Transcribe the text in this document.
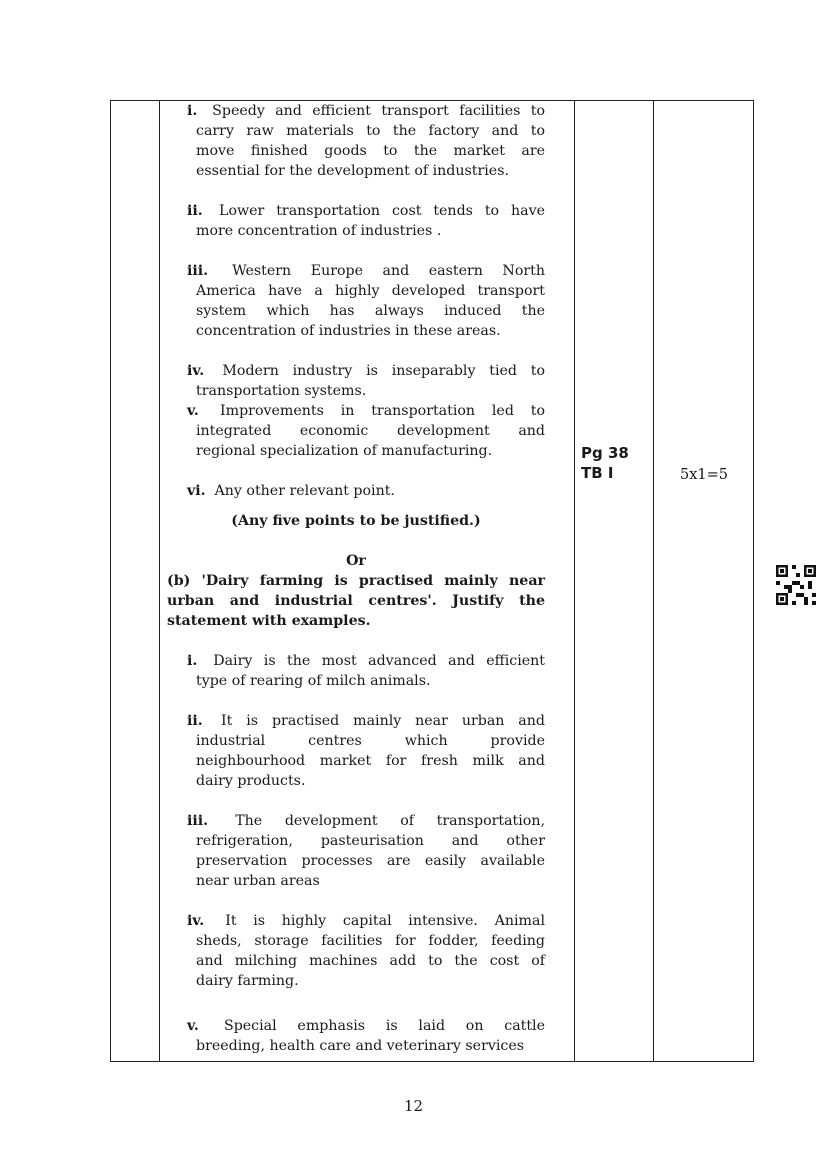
i. Speedy and efficient transport facilities to
carry raw materials to the factory and to
move finished goods to the market are
essential for the development of industries.
ii. Lower transportation cost tends to have
more concentration of industries .
iii. Western Europe and eastern North
America have a highly developed transport
system which has always induced the
concentration of industries in these areas.
iv. Modern industry is inseparably tied to
transportation systems.
v. Improvements in transportation led to
integrated economic development and
regional specialization of manufacturing.
vi. Any other relevant point.
(Any five points to be justified.)
Or
(b) 'Dairy farming is practised mainly near
urban and industrial centres'. Justify the
statement with examples.
i. Dairy is the most advanced and efficient
type of rearing of milch animals.
ii. It is practised mainly near urban and
industrial centres which provide
neighbourhood market for fresh milk and
dairy products.
iii. The development of transportation,
refrigeration, pasteurisation and other
preservation processes are easily available
near urban areas
iv. It is highly capital intensive. Animal
sheds, storage facilities for fodder, feeding
and milching machines add to the cost of
dairy farming.
v. Special emphasis is laid on cattle
breeding, health care and veterinary services
Pg 38
TB I	5x1=5
12
